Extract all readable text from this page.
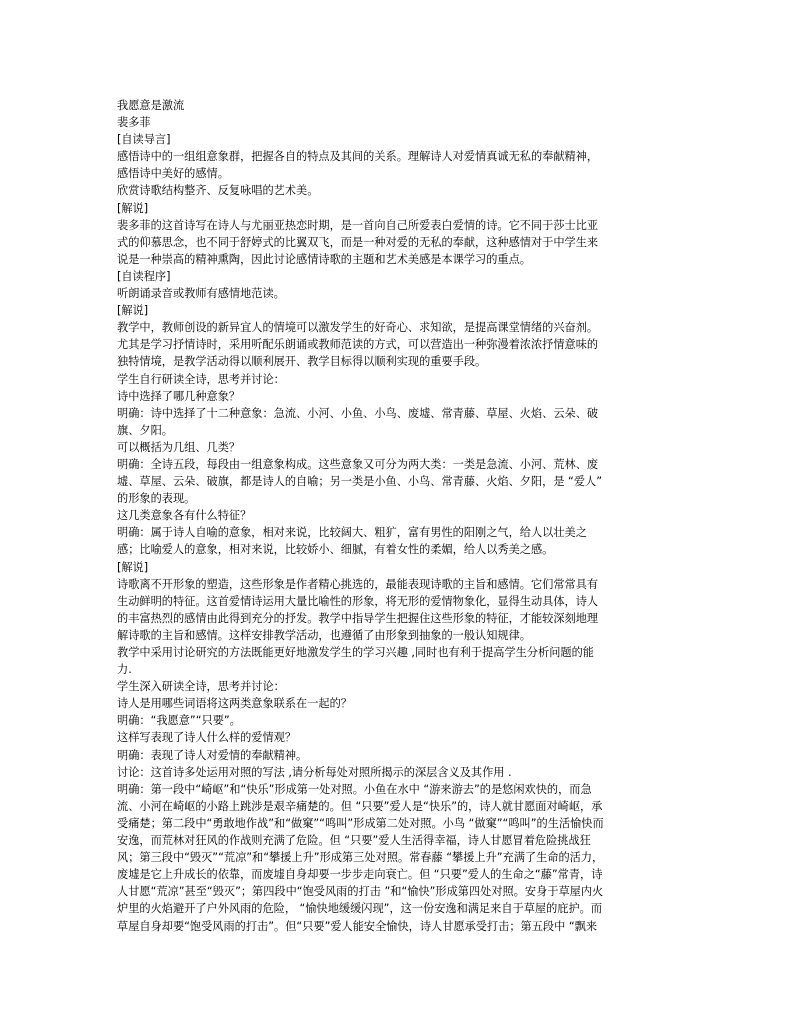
我愿意是激流
裴多菲
[自读导言]
感悟诗中的一组组意象群，把握各自的特点及其间的关系。理解诗人对爱情真诚无私的奉献精神，
感悟诗中美好的感情。
欣赏诗歌结构整齐、反复咏唱的艺术美。
[解说]
裴多菲的这首诗写在诗人与尤丽亚热恋时期，是一首向自己所爱表白爱情的诗。它不同于莎士比亚
式的仰慕思念，也不同于舒婷式的比翼双飞，而是一种对爱的无私的奉献，这种感情对于中学生来
说是一种崇高的精神熏陶，因此讨论感情诗歌的主题和艺术美感是本课学习的重点。
[自读程序]
听朗诵录音或教师有感情地范读。
[解说]
教学中，教师创设的新异宜人的情境可以激发学生的好奇心、求知欲，是提高课堂情绪的兴奋剂。
尤其是学习抒情诗时，采用听配乐朗诵或教师范读的方式，可以营造出一种弥漫着浓浓抒情意味的
独特情境，是教学活动得以顺利展开、教学目标得以顺利实现的重要手段。
学生自行研读全诗，思考并讨论：
诗中选择了哪几种意象？
明确：诗中选择了十二种意象：急流、小河、小鱼、小鸟、废墟、常青藤、草屋、火焰、云朵、破
旗、夕阳。
可以概括为几组、几类？
明确：全诗五段，每段由一组意象构成。这些意象又可分为两大类：一类是急流、小河、荒林、废
墟、草屋、云朵、破旗，都是诗人的自喻；另一类是小鱼、小鸟、常青藤、火焰、夕阳，是 “爱人”
的形象的表现。
这几类意象各有什么特征？
明确：属于诗人自喻的意象，相对来说，比较阔大、粗犷，富有男性的阳刚之气，给人以壮美之
感；比喻爱人的意象，相对来说，比较娇小、细腻，有着女性的柔媚，给人以秀美之感。
[解说]
诗歌离不开形象的塑造，这些形象是作者精心挑选的，最能表现诗歌的主旨和感情。它们常常具有
生动鲜明的特征。这首爱情诗运用大量比喻性的形象，将无形的爱情物象化，显得生动具体，诗人
的丰富热烈的感情由此得到充分的抒发。教学中指导学生把握住这些形象的特征，才能较深刻地理
解诗歌的主旨和感情。这样安排教学活动，也遵循了由形象到抽象的一般认知规律。
教学中采用讨论研究的方法既能更好地激发学生的学习兴趣 ,同时也有利于提高学生分析问题的能
力.
学生深入研读全诗，思考并讨论：
诗人是用哪些词语将这两类意象联系在一起的？
明确：“我愿意”“只要”。
这样写表现了诗人什么样的爱情观？
明确：表现了诗人对爱情的奉献精神。
讨论：这首诗多处运用对照的写法 ,请分析每处对照所揭示的深层含义及其作用 .
明确：第一段中“崎岖”和“快乐”形成第一处对照。小鱼在水中 “游来游去”的是悠闲欢快的，而急
流、小河在崎岖的小路上跳涉是艰辛痛楚的。但 “只要”爱人是“快乐”的，诗人就甘愿面对崎岖，承
受痛楚；第二段中“勇敢地作战”和“做窠”“鸣叫”形成第二处对照。小鸟 “做窠”“鸣叫”的生活愉快而
安逸，而荒林对狂风的作战则充满了危险。但 “只要”爱人生活得幸福，诗人甘愿冒着危险挑战狂
风；第三段中“毁灭”“荒凉”和“攀援上升”形成第三处对照。常春藤 “攀援上升”充满了生命的活力，
废墟是它上升成长的依靠，而废墟自身却要一步步走向衰亡。但 “只要”爱人的生命之“藤”常青，诗
人甘愿“荒凉”甚至“毁灭”；第四段中“饱受风雨的打击 ”和“愉快”形成第四处对照。安身于草屋内火
炉里的火焰避开了户外风雨的危险， “愉快地缓缓闪现”，这一份安逸和满足来自于草屋的庇护。而
草屋自身却要“饱受风雨的打击”。但“只要”爱人能安全愉快，诗人甘愿承受打击；第五段中 “飘来
